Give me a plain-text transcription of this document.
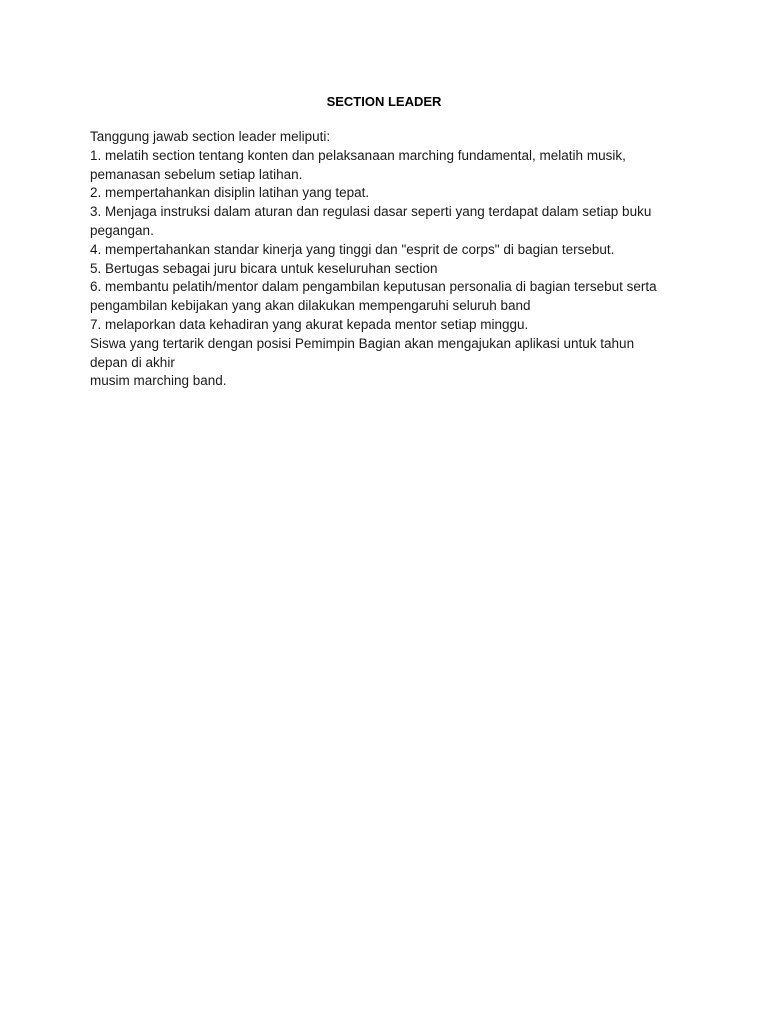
SECTION LEADER

Tanggung jawab section leader meliputi:

1. melatih section tentang konten dan pelaksanaan marching fundamental, melatih musik,

pemanasan sebelum setiap latihan.

2. mempertahankan disiplin latihan yang tepat.

3. Menjaga instruksi dalam aturan dan regulasi dasar seperti yang terdapat dalam setiap buku

pegangan.

4. mempertahankan standar kinerja yang tinggi dan "esprit de corps" di bagian tersebut.

5. Bertugas sebagai juru bicara untuk keseluruhan section

6. membantu pelatih/mentor dalam pengambilan keputusan personalia di bagian tersebut serta

pengambilan kebijakan yang akan dilakukan mempengaruhi seluruh band

7. melaporkan data kehadiran yang akurat kepada mentor setiap minggu.

Siswa yang tertarik dengan posisi Pemimpin Bagian akan mengajukan aplikasi untuk tahun

depan di akhir

musim marching band.
